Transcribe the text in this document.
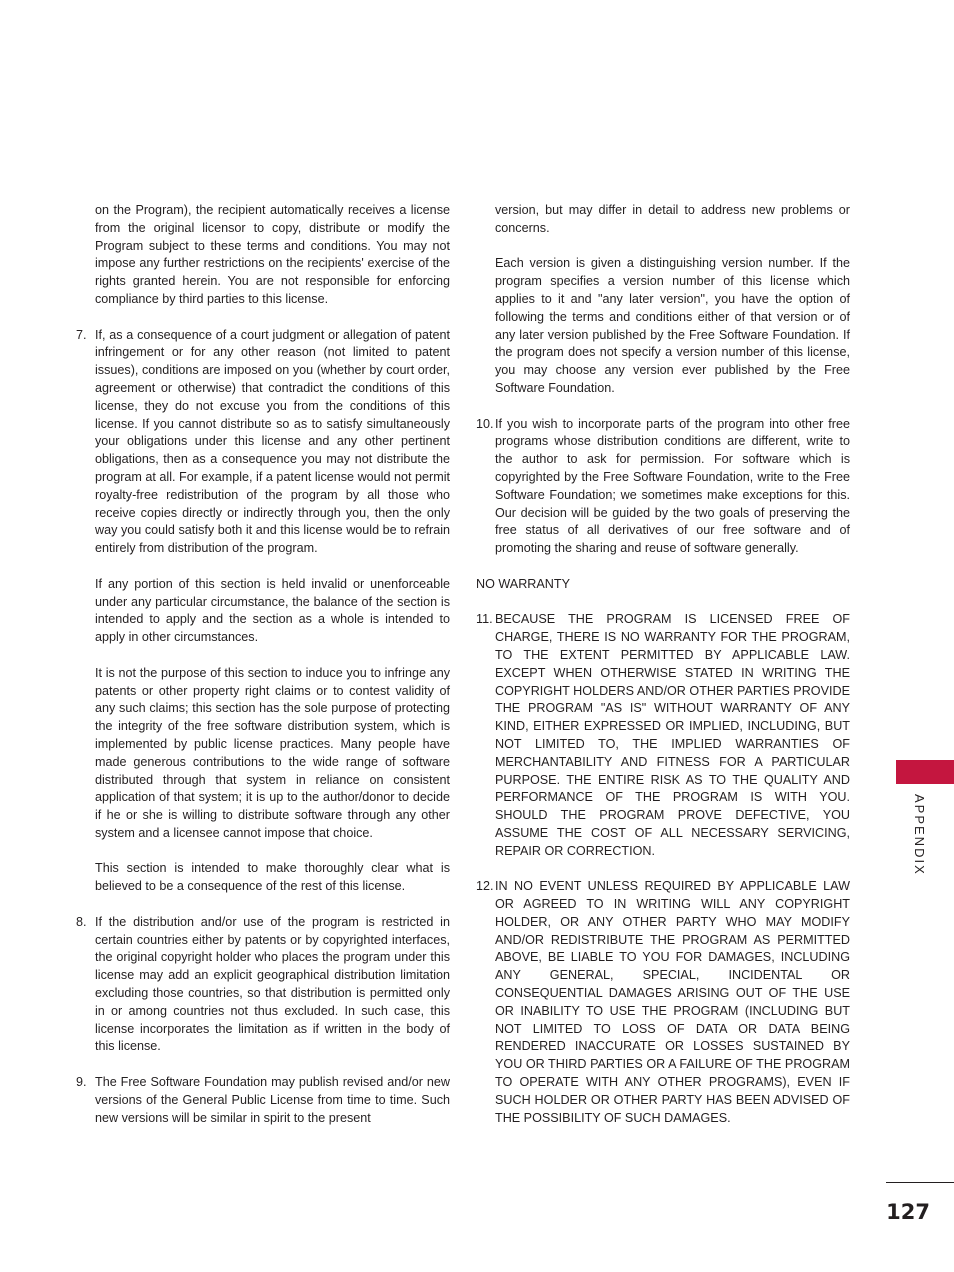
on the Program), the recipient automatically receives a license from the original licensor to copy, distribute or modify the Program subject to these terms and conditions. You may not impose any further restrictions on the recipients' exercise of the rights granted herein. You are not responsible for enforcing compliance by third parties to this license.

7. If, as a consequence of a court judgment or allegation of patent infringement or for any other reason (not limited to patent issues), conditions are imposed on you (whether by court order, agreement or otherwise) that contradict the conditions of this license, they do not excuse you from the conditions of this license. If you cannot distribute so as to satisfy simultaneously your obligations under this license and any other pertinent obligations, then as a consequence you may not distribute the program at all. For example, if a patent license would not permit royalty-free redistribution of the program by all those who receive copies directly or indirectly through you, then the only way you could satisfy both it and this license would be to refrain entirely from distribution of the program.

If any portion of this section is held invalid or unenforceable under any particular circumstance, the balance of the section is intended to apply and the section as a whole is intended to apply in other circumstances.

It is not the purpose of this section to induce you to infringe any patents or other property right claims or to contest validity of any such claims; this section has the sole purpose of protecting the integrity of the free software distribution system, which is implemented by public license practices. Many people have made generous contributions to the wide range of software distributed through that system in reliance on consistent application of that system; it is up to the author/donor to decide if he or she is willing to distribute software through any other system and a licensee cannot impose that choice.

This section is intended to make thoroughly clear what is believed to be a consequence of the rest of this license.

8. If the distribution and/or use of the program is restricted in certain countries either by patents or by copyrighted interfaces, the original copyright holder who places the program under this license may add an explicit geographical distribution limitation excluding those countries, so that distribution is permitted only in or among countries not thus excluded. In such case, this license incorporates the limitation as if written in the body of this license.

9. The Free Software Foundation may publish revised and/or new versions of the General Public License from time to time. Such new versions will be similar in spirit to the present

version, but may differ in detail to address new problems or concerns.

Each version is given a distinguishing version number. If the program specifies a version number of this license which applies to it and "any later version", you have the option of following the terms and conditions either of that version or of any later version published by the Free Software Foundation. If the program does not specify a version number of this license, you may choose any version ever published by the Free Software Foundation.

10. If you wish to incorporate parts of the program into other free programs whose distribution conditions are different, write to the author to ask for permission. For software which is copyrighted by the Free Software Foundation, write to the Free Software Foundation; we sometimes make exceptions for this. Our decision will be guided by the two goals of preserving the free status of all derivatives of our free software and of promoting the sharing and reuse of software generally.

NO WARRANTY

11. BECAUSE THE PROGRAM IS LICENSED FREE OF CHARGE, THERE IS NO WARRANTY FOR THE PROGRAM, TO THE EXTENT PERMITTED BY APPLICABLE LAW. EXCEPT WHEN OTHERWISE STATED IN WRITING THE COPYRIGHT HOLDERS AND/OR OTHER PARTIES PROVIDE THE PROGRAM "AS IS" WITHOUT WARRANTY OF ANY KIND, EITHER EXPRESSED OR IMPLIED, INCLUDING, BUT NOT LIMITED TO, THE IMPLIED WARRANTIES OF MERCHANTABILITY AND FITNESS FOR A PARTICULAR PURPOSE. THE ENTIRE RISK AS TO THE QUALITY AND PERFORMANCE OF THE PROGRAM IS WITH YOU. SHOULD THE PROGRAM PROVE DEFECTIVE, YOU ASSUME THE COST OF ALL NECESSARY SERVICING, REPAIR OR CORRECTION.

12. IN NO EVENT UNLESS REQUIRED BY APPLICABLE LAW OR AGREED TO IN WRITING WILL ANY COPYRIGHT HOLDER, OR ANY OTHER PARTY WHO MAY MODIFY AND/OR REDISTRIBUTE THE PROGRAM AS PERMITTED ABOVE, BE LIABLE TO YOU FOR DAMAGES, INCLUDING ANY GENERAL, SPECIAL, INCIDENTAL OR CONSEQUENTIAL DAMAGES ARISING OUT OF THE USE OR INABILITY TO USE THE PROGRAM (INCLUDING BUT NOT LIMITED TO LOSS OF DATA OR DATA BEING RENDERED INACCURATE OR LOSSES SUSTAINED BY YOU OR THIRD PARTIES OR A FAILURE OF THE PROGRAM TO OPERATE WITH ANY OTHER PROGRAMS), EVEN IF SUCH HOLDER OR OTHER PARTY HAS BEEN ADVISED OF THE POSSIBILITY OF SUCH DAMAGES.

APPENDIX
127
